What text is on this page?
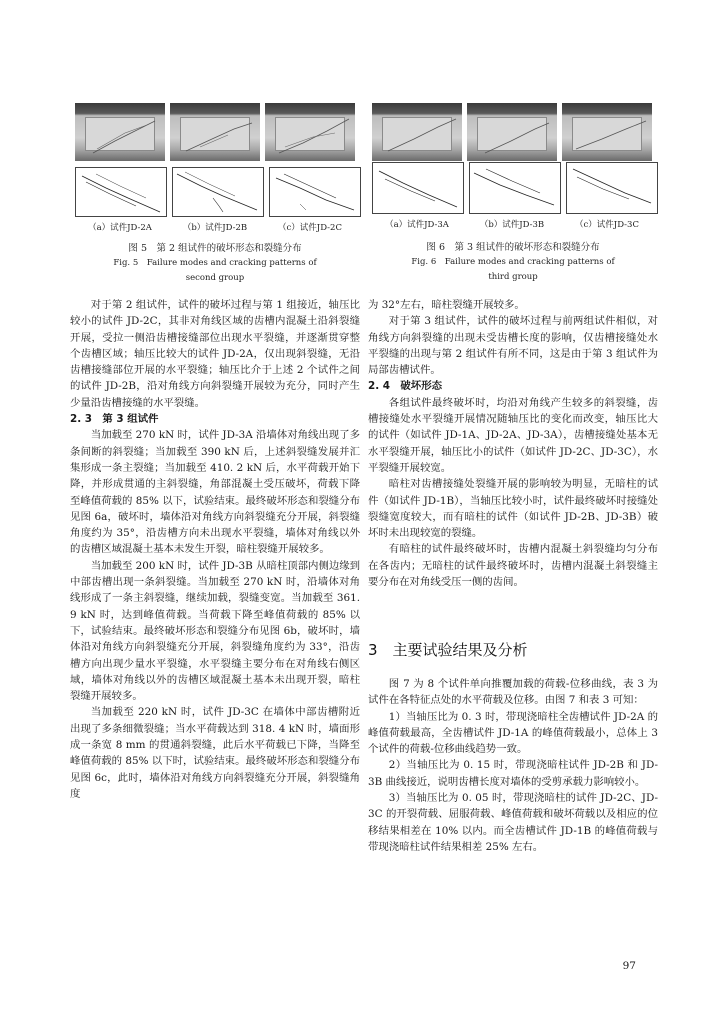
（a）试件JD-2A	（b）试件JD-2B	（c）试件JD-2C
图 5　第 2 组试件的破坏形态和裂缝分布
Fig. 5　Failure modes and cracking patterns of
second group
（a）试件JD-3A	（b）试件JD-3B	（c）试件JD-3C
图 6　第 3 组试件的破坏形态和裂缝分布
Fig. 6　Failure modes and cracking patterns of
third group

对于第 2 组试件，试件的破坏过程与第 1 组接近，轴压比较小的试件 JD-2C，其非对角线区域的齿槽内混凝土沿斜裂缝开展，受拉一侧沿齿槽接缝部位出现水平裂缝，并逐渐贯穿整个齿槽区域；轴压比较大的试件 JD-2A，仅出现斜裂缝，无沿齿槽接缝部位开展的水平裂缝；轴压比介于上述 2 个试件之间的试件 JD-2B，沿对角线方向斜裂缝开展较为充分，同时产生少量沿齿槽接缝的水平裂缝。

2. 3　第 3 组试件

当加载至 270 kN 时，试件 JD-3A 沿墙体对角线出现了多条间断的斜裂缝；当加载至 390 kN 后，上述斜裂缝发展并汇集形成一条主裂缝；当加载至 410. 2 kN 后，水平荷载开始下降，并形成贯通的主斜裂缝，角部混凝土受压破坏，荷载下降至峰值荷载的 85% 以下，试验结束。最终破坏形态和裂缝分布见图 6a，破坏时，墙体沿对角线方向斜裂缝充分开展，斜裂缝角度约为 35°，沿齿槽方向未出现水平裂缝，墙体对角线以外的齿槽区域混凝土基本未发生开裂，暗柱裂缝开展较多。

当加载至 200 kN 时，试件 JD-3B 从暗柱顶部内侧边缘到中部齿槽出现一条斜裂缝。当加载至 270 kN 时，沿墙体对角线形成了一条主斜裂缝，继续加载，裂缝变宽。当加载至 361. 9 kN 时，达到峰值荷载。当荷载下降至峰值荷载的 85% 以下，试验结束。最终破坏形态和裂缝分布见图 6b，破坏时，墙体沿对角线方向斜裂缝充分开展，斜裂缝角度约为 33°，沿齿槽方向出现少量水平裂缝，水平裂缝主要分布在对角线右侧区域，墙体对角线以外的齿槽区域混凝土基本未出现开裂，暗柱裂缝开展较多。

当加载至 220 kN 时，试件 JD-3C 在墙体中部齿槽附近出现了多条细微裂缝；当水平荷载达到 318. 4 kN 时，墙面形成一条宽 8 mm 的贯通斜裂缝，此后水平荷载已下降，当降至峰值荷载的 85% 以下时，试验结束。最终破坏形态和裂缝分布见图 6c，此时，墙体沿对角线方向斜裂缝充分开展，斜裂缝角度

为 32°左右，暗柱裂缝开展较多。

对于第 3 组试件，试件的破坏过程与前两组试件相似，对角线方向斜裂缝的出现未受齿槽长度的影响，仅齿槽接缝处水平裂缝的出现与第 2 组试件有所不同，这是由于第 3 组试件为局部齿槽试件。

2. 4　破坏形态

各组试件最终破坏时，均沿对角线产生较多的斜裂缝，齿槽接缝处水平裂缝开展情况随轴压比的变化而改变，轴压比大的试件（如试件 JD-1A、JD-2A、JD-3A），齿槽接缝处基本无水平裂缝开展，轴压比小的试件（如试件 JD-2C、JD-3C），水平裂缝开展较宽。

暗柱对齿槽接缝处裂缝开展的影响较为明显，无暗柱的试件（如试件 JD-1B），当轴压比较小时，试件最终破坏时接缝处裂缝宽度较大，而有暗柱的试件（如试件 JD-2B、JD-3B）破坏时未出现较宽的裂缝。

有暗柱的试件最终破坏时，齿槽内混凝土斜裂缝均匀分布在各齿内；无暗柱的试件最终破坏时，齿槽内混凝土斜裂缝主要分布在对角线受压一侧的齿间。

3　主要试验结果及分析

图 7 为 8 个试件单向推覆加载的荷载-位移曲线，表 3 为试件在各特征点处的水平荷载及位移。由图 7 和表 3 可知：

1）当轴压比为 0. 3 时，带现浇暗柱全齿槽试件 JD-2A 的峰值荷载最高，全齿槽试件 JD-1A 的峰值荷载最小，总体上 3 个试件的荷载-位移曲线趋势一致。

2）当轴压比为 0. 15 时，带现浇暗柱试件 JD-2B 和 JD-3B 曲线接近，说明齿槽长度对墙体的受剪承载力影响较小。

3）当轴压比为 0. 05 时，带现浇暗柱的试件 JD-2C、JD-3C 的开裂荷载、屈服荷载、峰值荷载和破坏荷载以及相应的位移结果相差在 10% 以内。而全齿槽试件 JD-1B 的峰值荷载与带现浇暗柱试件结果相差 25% 左右。

97
